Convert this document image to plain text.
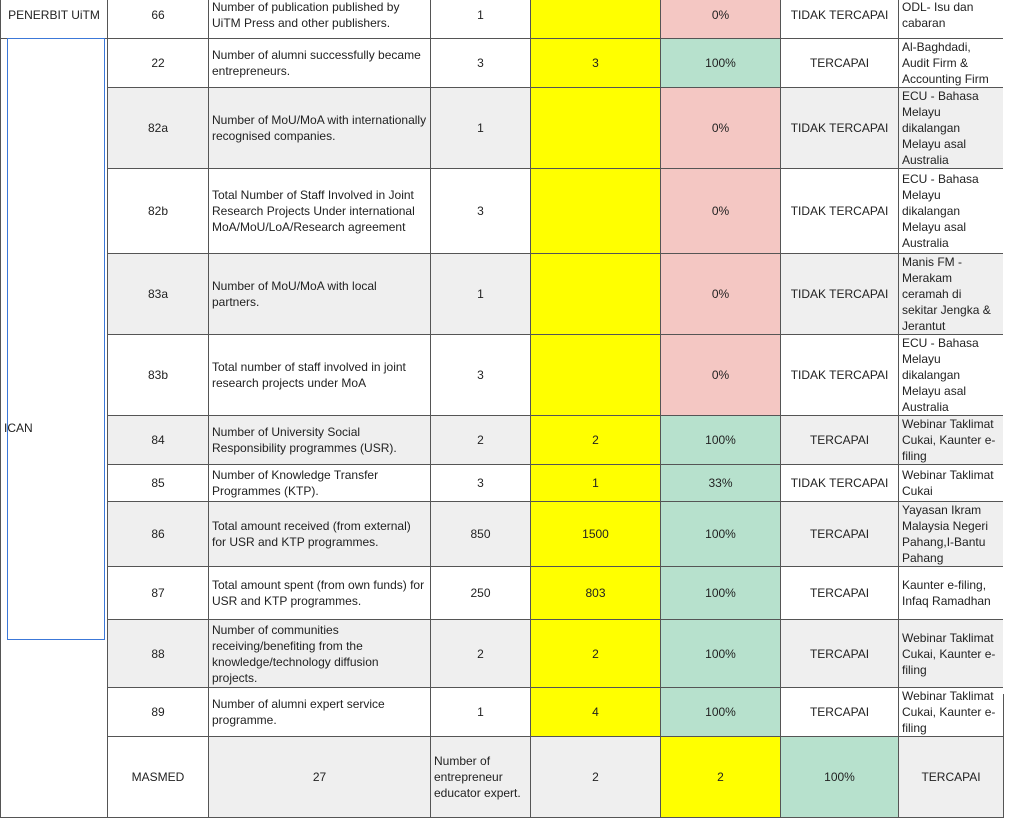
PENERBIT UiTM	66	Number of publication published by UiTM Press and other publishers.	1		0%	TIDAK TERCAPAI	ODL- Isu dan cabaran	
ICAN	22	Number of alumni successfully became entrepreneurs.	3	3	100%	TERCAPAI	Al-Baghdadi, Audit Firm & Accounting Firm	
	82a	Number of MoU/MoA with internationally recognised companies.	1		0%	TIDAK TERCAPAI	ECU - Bahasa Melayu dikalangan Melayu asal Australia	
	82b	Total Number of Staff Involved in Joint Research Projects Under international MoA/MoU/LoA/Research agreement	3		0%	TIDAK TERCAPAI	ECU - Bahasa Melayu dikalangan Melayu asal Australia	
	83a	Number of MoU/MoA with local partners.	1		0%	TIDAK TERCAPAI	Manis FM - Merakam ceramah di sekitar Jengka & Jerantut	
	83b	Total number of staff involved in joint research projects under MoA	3		0%	TIDAK TERCAPAI	ECU - Bahasa Melayu dikalangan Melayu asal Australia	
	84	Number of University Social Responsibility programmes (USR).	2	2	100%	TERCAPAI	Webinar Taklimat Cukai, Kaunter e-filing	
	85	Number of Knowledge Transfer Programmes (KTP).	3	1	33%	TIDAK TERCAPAI	Webinar Taklimat Cukai	
	86	Total amount received (from external) for USR and KTP programmes.	850	1500	100%	TERCAPAI	Yayasan Ikram Malaysia Negeri Pahang,I-Bantu Pahang	
	87	Total amount spent (from own funds) for USR and KTP programmes.	250	803	100%	TERCAPAI	Kaunter e-filing, Infaq Ramadhan	
	88	Number of communities receiving/benefiting from the knowledge/technology diffusion projects.	2	2	100%	TERCAPAI	Webinar Taklimat Cukai, Kaunter e-filing	
	89	Number of alumni expert service programme.	1	4	100%	TERCAPAI	Webinar Taklimat Cukai, Kaunter e-filing	
	MASMED	27	Number of entrepreneur educator expert.	2	2	100%	TERCAPAI	
